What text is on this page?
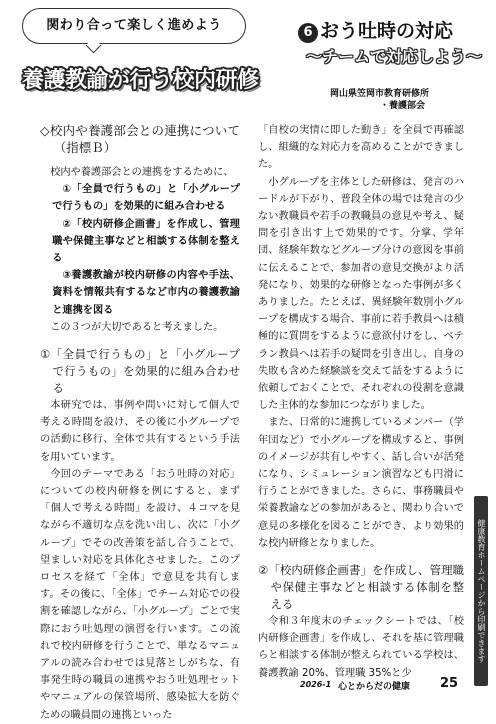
関わり合って楽しく進めよう
養護教諭が行う校内研修
6 おう吐時の対応
～チームで対応しよう～
岡山県笠岡市教育研修所
・養護部会
◇校内や養護部会との連携について（指標Ｂ）

校内や養護部会との連携をするために、

①「全員で行うもの」と「小グループで行うもの」を効果的に組み合わせる

②「校内研修企画書」を作成し、管理職や保健主事などと相談する体制を整える

③養護教諭が校内研修の内容や手法、資料を情報共有するなど市内の養護教諭と連携を図る

この３つが大切であると考えました。

①「全員で行うもの」と「小グループで行うもの」を効果的に組み合わせる

本研究では、事例や問いに対して個人で考える時間を設け、その後に小グループでの活動に移行、全体で共有するという手法を用いています。

今回のテーマである「おう吐時の対応」についての校内研修を例にすると、まず「個人で考える時間」を設け、４コマを見ながら不適切な点を洗い出し、次に「小グループ」でその改善策を話し合うことで、望ましい対応を具体化させました。このプロセスを経て「全体」で意見を共有します。その後に、「全体」でチーム対応での役割を確認しながら、「小グループ」ごとで実際におう吐処理の演習を行います。この流れで校内研修を行うことで、単なるマニュアルの読み合わせでは見落としがちな、有事発生時の職員の連携やおう吐処理セットやマニュアルの保管場所、感染拡大を防ぐための職員間の連携といった

「自校の実情に即した動き」を全員で再確認し、組織的な対応力を高めることができました。

小グループを主体とした研修は、発言のハードルが下がり、普段全体の場では発言の少ない教職員や若手の教職員の意見や考え、疑問を引き出す上で効果的です。分掌、学年団、経験年数などグループ分けの意図を事前に伝えることで、参加者の意見交換がより活発になり、効果的な研修となった事例が多くありました。たとえば、異経験年数別小グループを構成する場合、事前に若手教員へは積極的に質問をするように意欲付けをし、ベテラン教員へは若手の疑問を引き出し、自身の失敗も含めた経験談を交えて話をするように依頼しておくことで、それぞれの役割を意識した主体的な参加につながりました。

また、日常的に連携しているメンバー（学年団など）で小グループを構成すると、事例のイメージが共有しやすく、話し合いが活発になり、シミュレーション演習なども円滑に行うことができました。さらに、事務職員や栄養教諭などの参加があると、関わり合いで意見の多様化を図ることができ、より効果的な校内研修となりました。

②「校内研修企画書」を作成し、管理職や保健主事などと相談する体制を整える

令和３年度末のチェックシートでは、「校内研修企画書」を作成し、それを基に管理職らと相談する体制が整えられている学校は、養護教諭 20%、管理職 35%と少

健康教育ホームページから印刷できます
2026-1 心とからだの健康 25
